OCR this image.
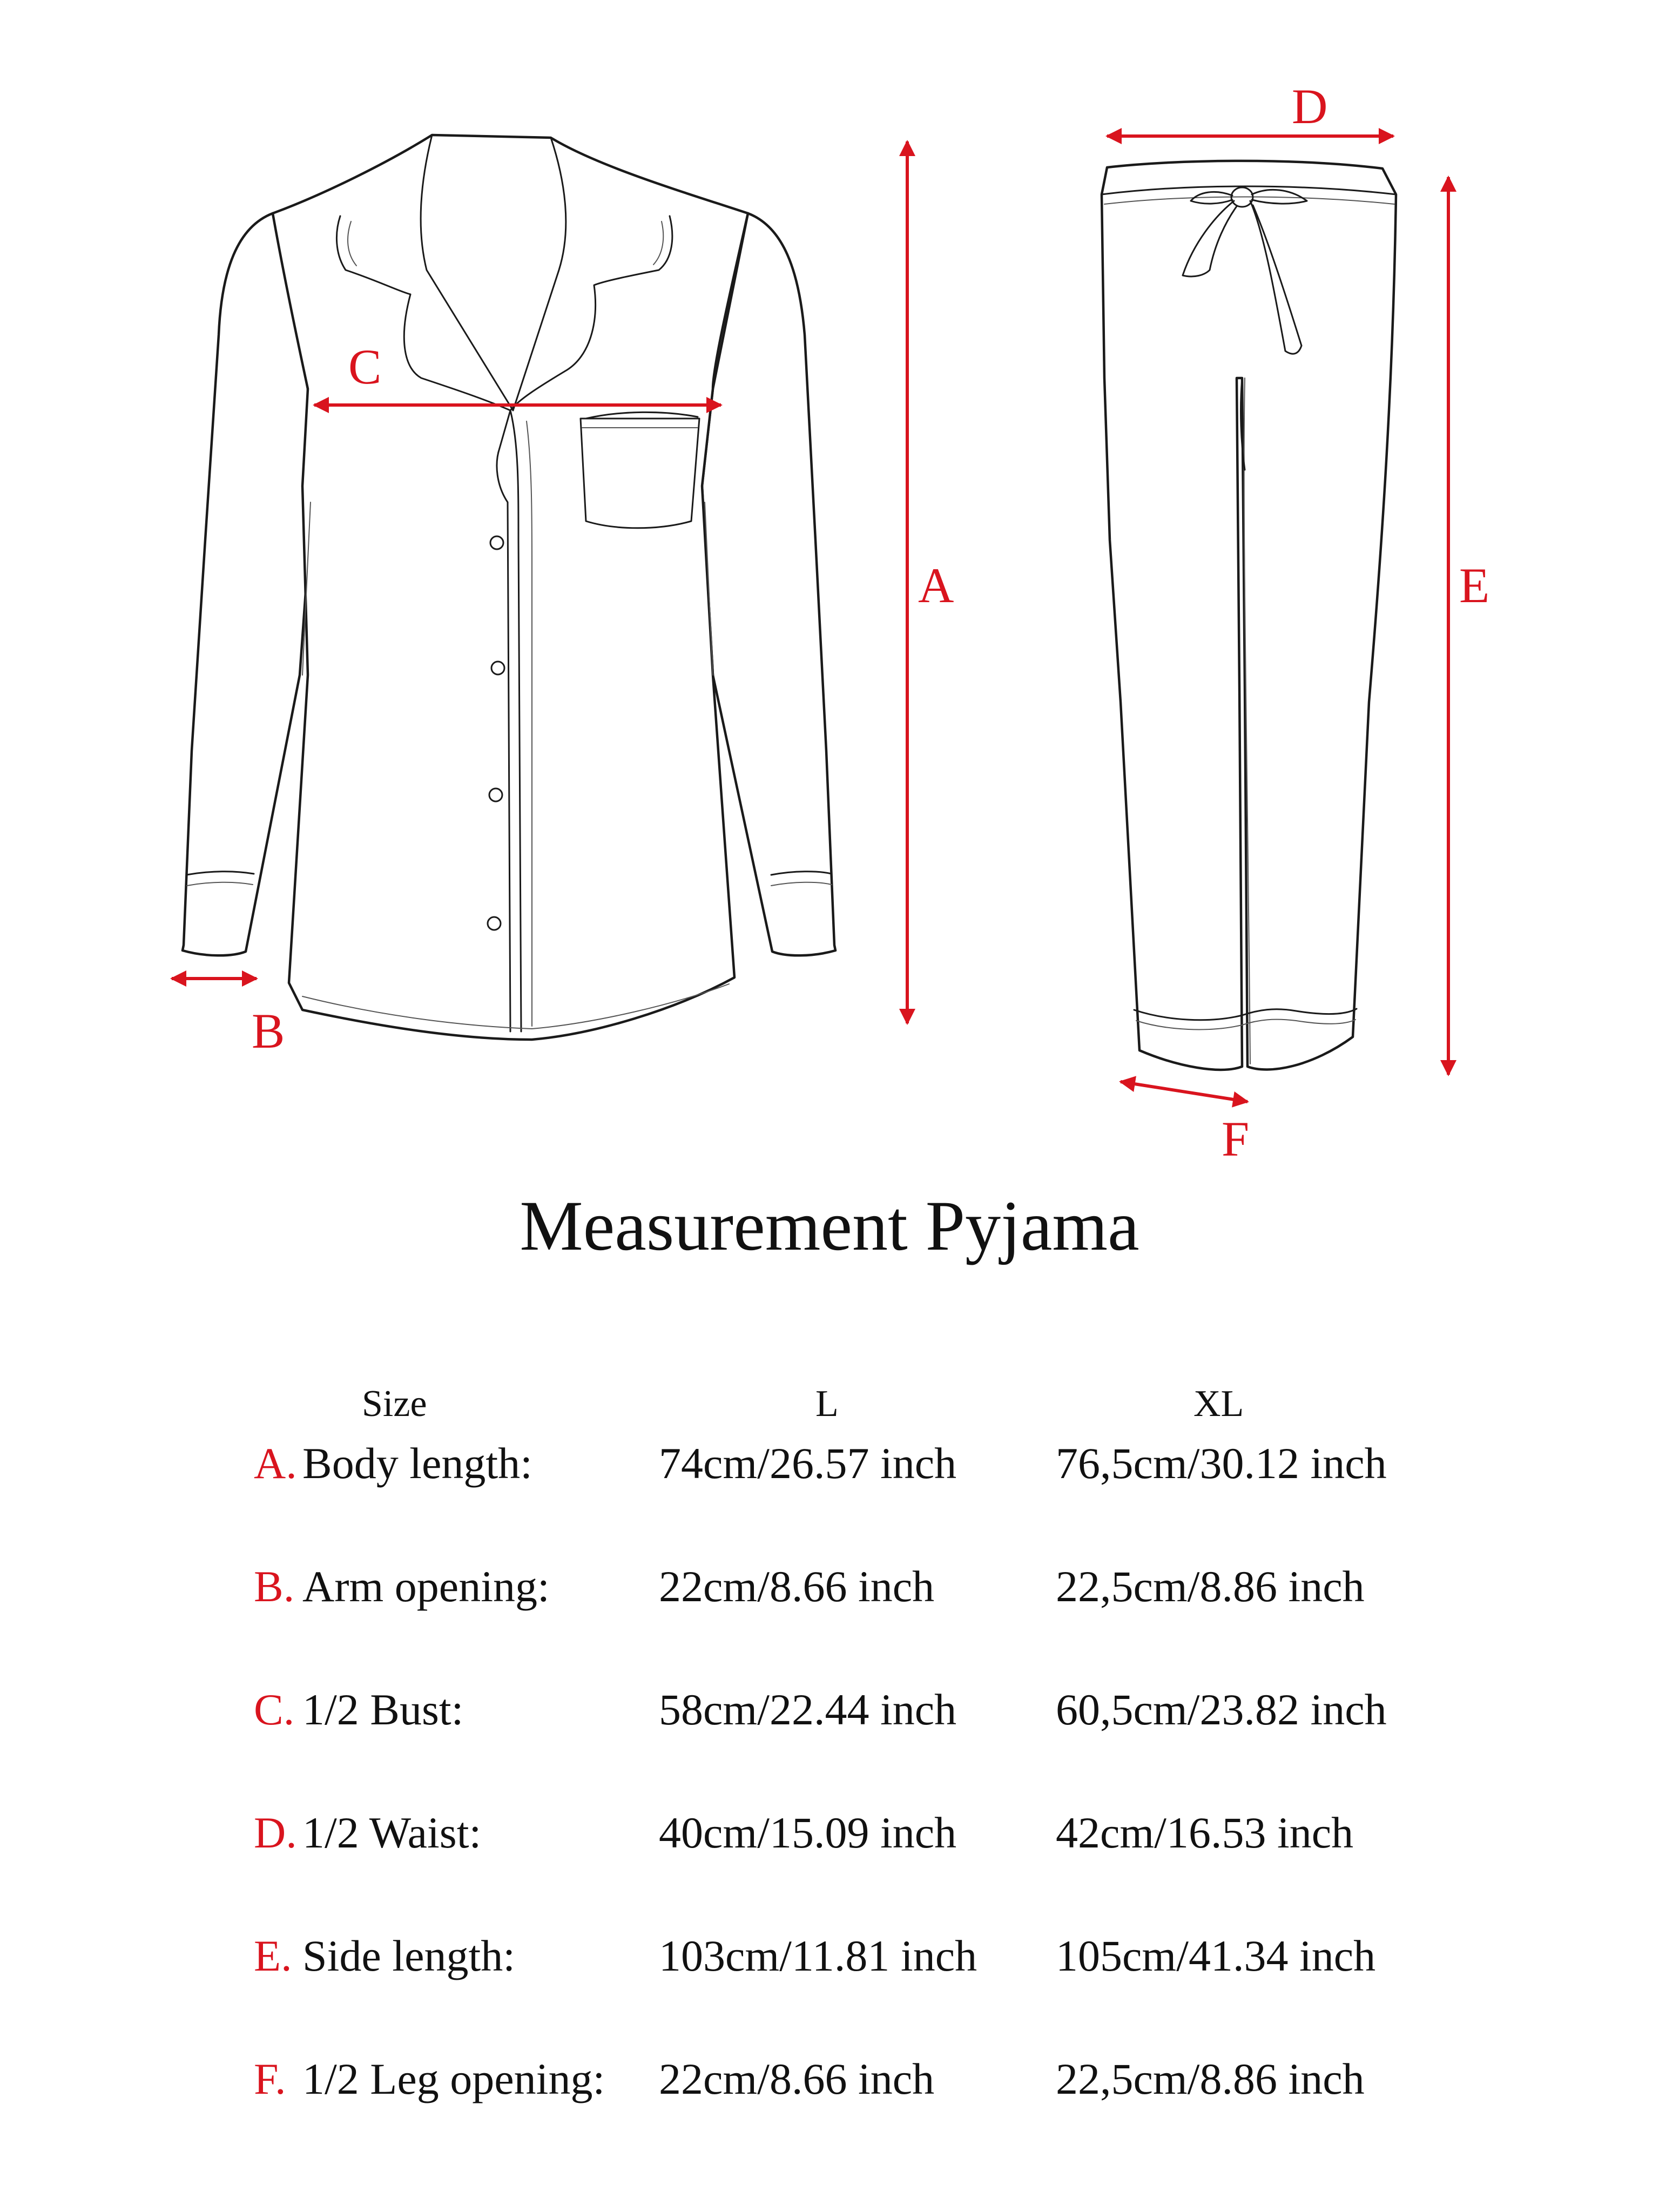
A
B
C
D
E
F
Measurement Pyjama
Size	L	XL
A. Body length:	74cm/26.57 inch 76,5cm/30.12 inch
B. Arm opening: 22cm/8.66 inch	22,5cm/8.86 inch
C. 1/2 Bust:	58cm/22.44 inch 60,5cm/23.82 inch
D. 1/2 Waist:	40cm/15.09 inch 42cm/16.53 inch
E. Side length:	103cm/11.81 inch 105cm/41.34 inch
F. 1/2 Leg opening: 22cm/8.66 inch	22,5cm/8.86 inch
